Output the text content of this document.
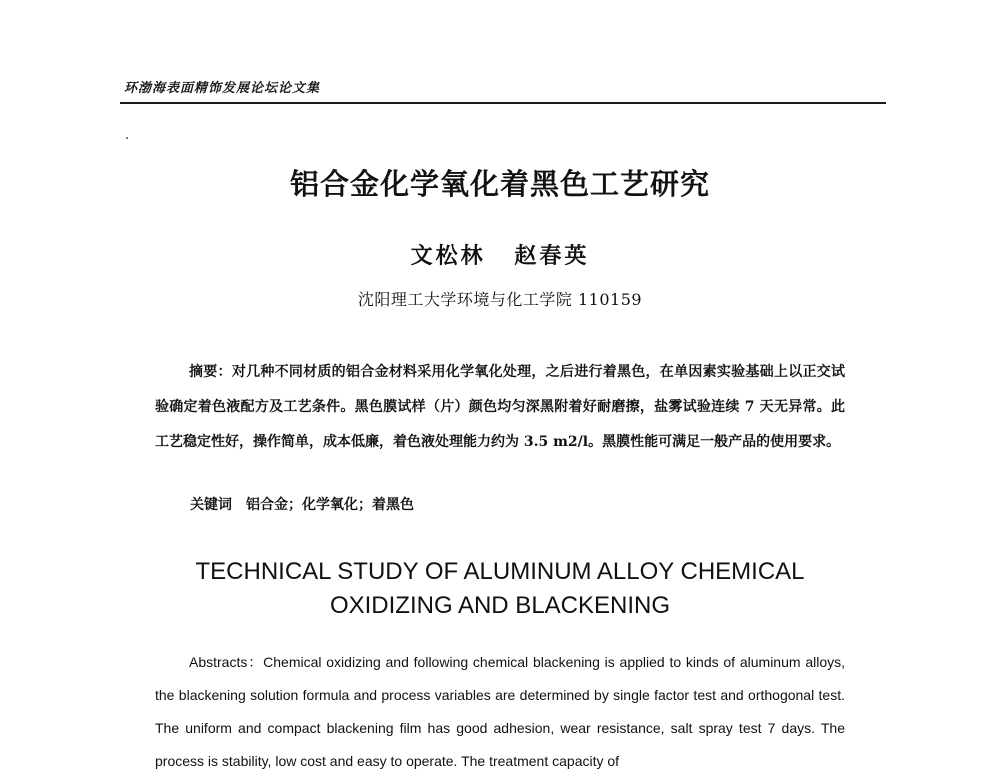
环渤海表面精饰发展论坛论文集
铝合金化学氧化着黑色工艺研究
文松林 赵春英
沈阳理工大学环境与化工学院 110159

摘要：对几种不同材质的铝合金材料采用化学氧化处理，之后进行着黑色，在单因素实验基础上以正交试验确定着色液配方及工艺条件。黑色膜试样（片）颜色均匀深黑附着好耐磨擦，盐雾试验连续 7 天无异常。此工艺稳定性好，操作简单，成本低廉，着色液处理能力约为 3.5 m2/l。黑膜性能可满足一般产品的使用要求。

关键词 铝合金；化学氧化；着黑色
TECHNICAL STUDY OF ALUMINUM ALLOY CHEMICAL
OXIDIZING AND BLACKENING

Abstracts：Chemical oxidizing and following chemical blackening is applied to kinds of aluminum alloys, the blackening solution formula and process variables are determined by single factor test and orthogonal test. The uniform and compact blackening film has good adhesion, wear resistance, salt spray test 7 days. The process is stability, low cost and easy to operate. The treatment capacity of
